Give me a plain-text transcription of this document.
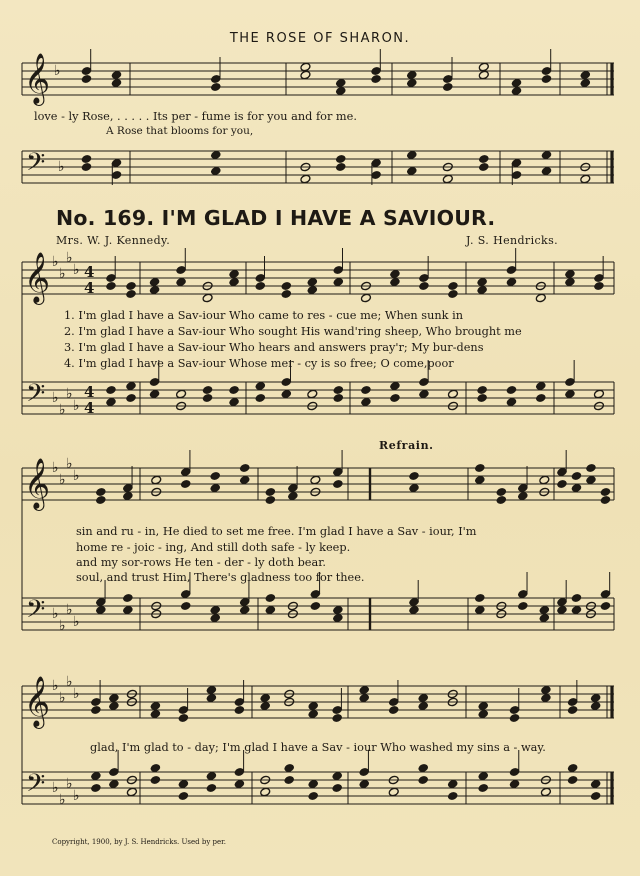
THE ROSE OF SHARON.
No. 169. I'M GLAD I HAVE A SAVIOUR.
Mrs. W. J. Kennedy.	J. S. Hendricks.
love - ly Rose, . . . . . Its per - fume is for you and for me.
A Rose that blooms for you,
1. I'm glad I have a Sav-iour Who came to res - cue me; When sunk in
2. I'm glad I have a Sav-iour Who sought His wand'ring sheep, Who brought me
3. I'm glad I have a Sav-iour Who hears and answers pray'r; My bur-dens
4. I'm glad I have a Sav-iour Whose mer - cy is so free; O come,poor
Refrain.
sin and ru - in, He died to set me free. I'm glad I have a Sav - iour, I'm
home re - joic - ing, And still doth safe - ly keep.
and my sor-rows He ten - der - ly doth bear.
soul, and trust Him, There's gladness too for thee.
glad, I'm glad to - day; I'm glad I have a Sav - iour Who washed my sins a - way.
Copyright, 1900, by J. S. Hendricks. Used by per.
𝄞 ♭
𝄢 ♭
𝄞 ♭
♭
♭
♭ 4
4
𝄢 ♭
♭
♭
♭
4
4
𝄞 ♭
♭
♭
♭
𝄢 ♭
♭
♭
♭
𝄞 ♭
♭
♭
♭
𝄢 ♭
♭
♭
♭
